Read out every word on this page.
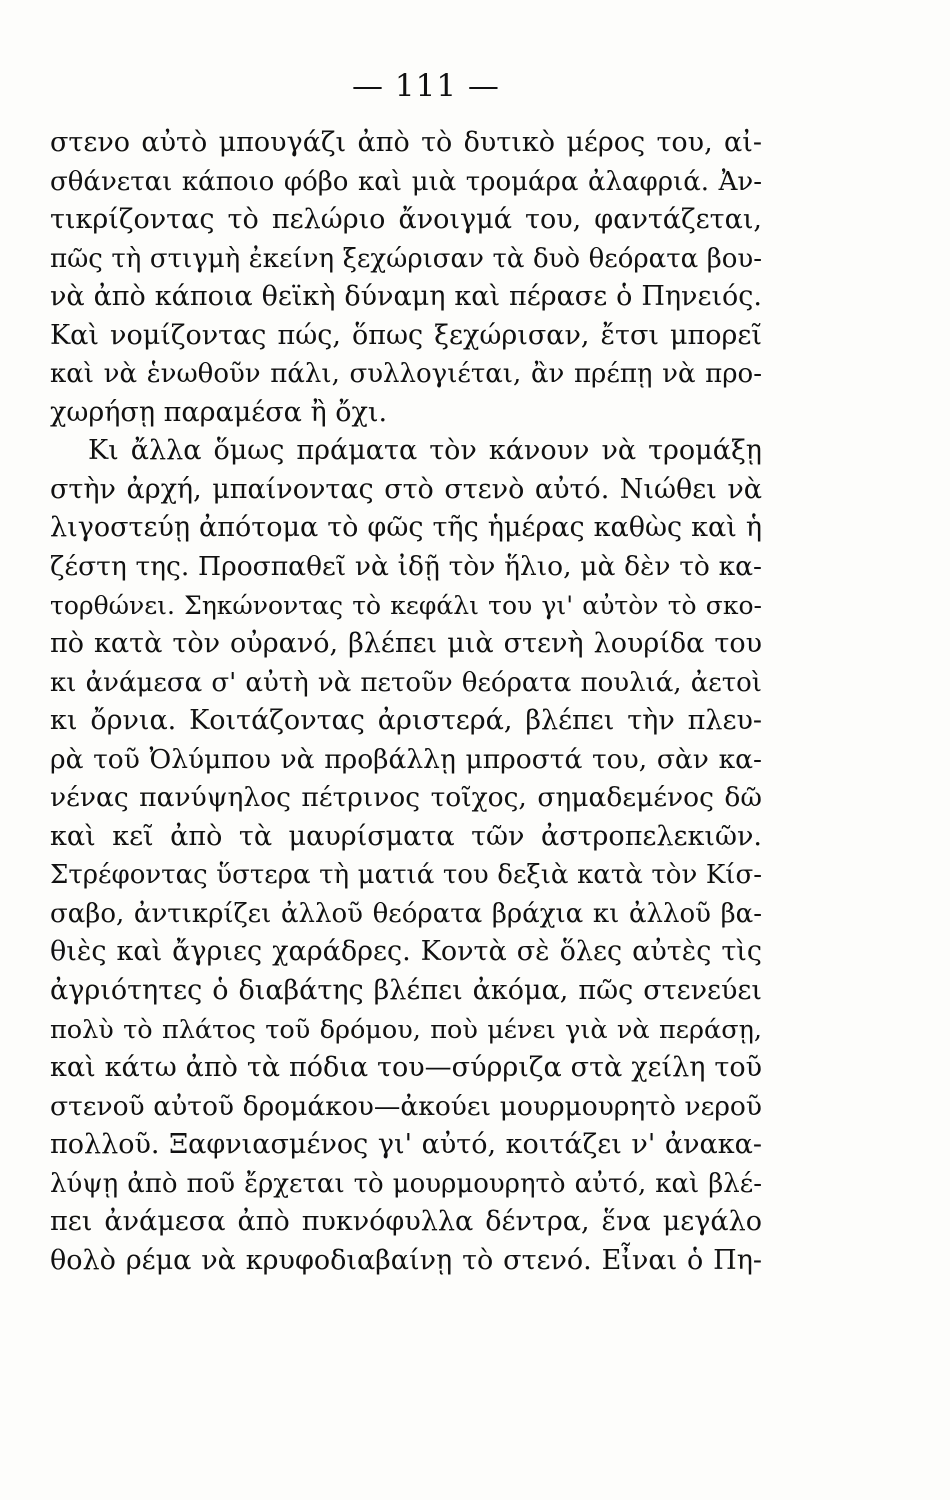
— 111 —
στενο αὐτὸ μπουγάζι ἀπὸ τὸ δυτικὸ μέρος του, αἰ-
σθάνεται κάποιο φόβο καὶ μιὰ τρομάρα ἀλαφριά. Ἀν-
τικρίζοντας τὸ πελώριο ἄνοιγμά του, φαντάζεται,
πῶς τὴ στιγμὴ ἐκείνη ξεχώρισαν τὰ δυὸ θεόρατα βου-
νὰ ἀπὸ κάποια θεϊκὴ δύναμη καὶ πέρασε ὁ Πηνειός.
Καὶ νομίζοντας πώς, ὅπως ξεχώρισαν, ἔτσι μπορεῖ
καὶ νὰ ἑνωθοῦν πάλι, συλλογιέται, ἂν πρέπῃ νὰ προ-
χωρήσῃ παραμέσα ἢ ὄχι.
Κι ἄλλα ὅμως πράματα τὸν κάνουν νὰ τρομάξῃ
στὴν ἀρχή, μπαίνοντας στὸ στενὸ αὐτό. Νιώθει νὰ
λιγοστεύῃ ἀπότομα τὸ φῶς τῆς ἡμέρας καθὼς καὶ ἡ
ζέστη της. Προσπαθεῖ νὰ ἰδῇ τὸν ἥλιο, μὰ δὲν τὸ κα-
τορθώνει. Σηκώνοντας τὸ κεφάλι του γι' αὐτὸν τὸ σκο-
πὸ κατὰ τὸν οὐρανό, βλέπει μιὰ στενὴ λουρίδα του
κι ἀνάμεσα σ' αὐτὴ νὰ πετοῦν θεόρατα πουλιά, ἀετοὶ
κι ὄρνια. Κοιτάζοντας ἀριστερά, βλέπει τὴν πλευ-
ρὰ τοῦ Ὀλύμπου νὰ προβάλλῃ μπροστά του, σὰν κα-
νένας πανύψηλος πέτρινος τοῖχος, σημαδεμένος δῶ
καὶ κεῖ ἀπὸ τὰ μαυρίσματα τῶν ἀστροπελεκιῶν.
Στρέφοντας ὕστερα τὴ ματιά του δεξιὰ κατὰ τὸν Κίσ-
σαβο, ἀντικρίζει ἀλλοῦ θεόρατα βράχια κι ἀλλοῦ βα-
θιὲς καὶ ἄγριες χαράδρες. Κοντὰ σὲ ὅλες αὐτὲς τὶς
ἀγριότητες ὁ διαβάτης βλέπει ἀκόμα, πῶς στενεύει
πολὺ τὸ πλάτος τοῦ δρόμου, ποὺ μένει γιὰ νὰ περάσῃ,
καὶ κάτω ἀπὸ τὰ πόδια του—σύρριζα στὰ χείλη τοῦ
στενοῦ αὐτοῦ δρομάκου—ἀκούει μουρμουρητὸ νεροῦ
πολλοῦ. Ξαφνιασμένος γι' αὐτό, κοιτάζει ν' ἀνακα-
λύψῃ ἀπὸ ποῦ ἔρχεται τὸ μουρμουρητὸ αὐτό, καὶ βλέ-
πει ἀνάμεσα ἀπὸ πυκνόφυλλα δέντρα, ἕνα μεγάλο
θολὸ ρέμα νὰ κρυφοδιαβαίνῃ τὸ στενό. Εἶναι ὁ Πη-
